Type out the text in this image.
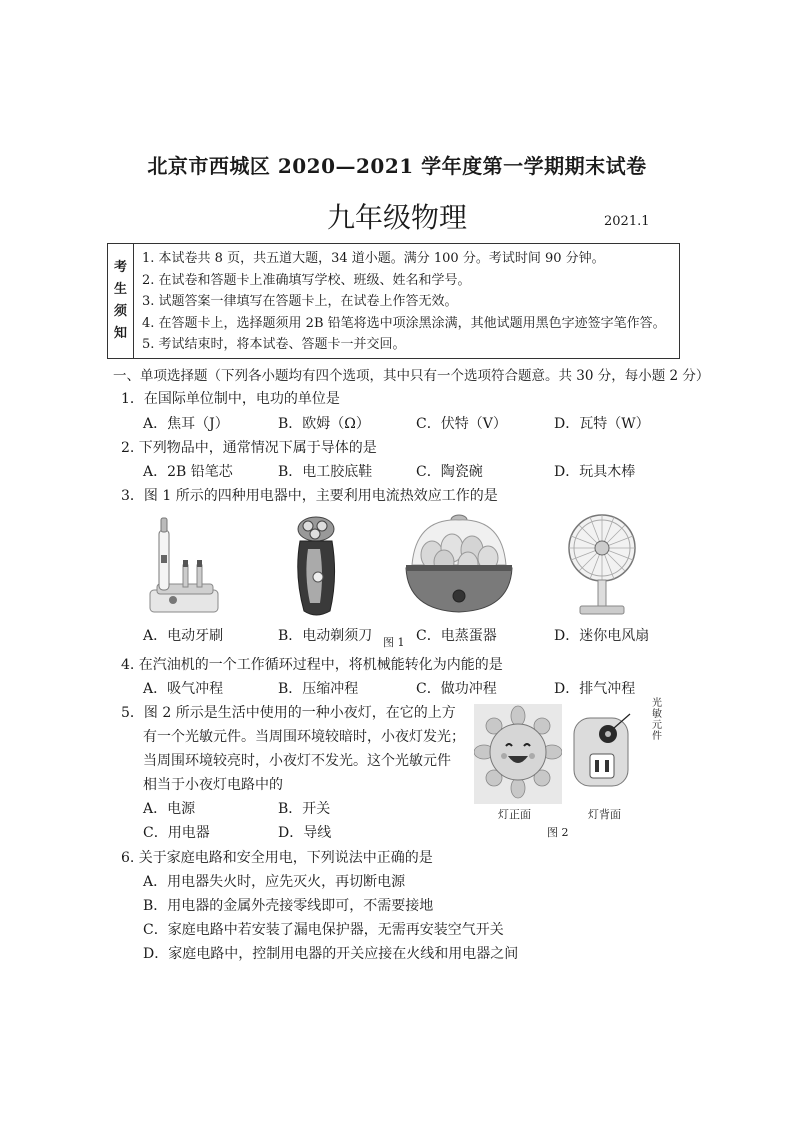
北京市西城区 2020—2021 学年度第一学期期末试卷
九年级物理	2021.1
考
生
须
知
1. 本试卷共 8 页，共五道大题，34 道小题。满分 100 分。考试时间 90 分钟。
2. 在试卷和答题卡上准确填写学校、班级、姓名和学号。
3. 试题答案一律填写在答题卡上，在试卷上作答无效。
4. 在答题卡上，选择题须用 2B 铅笔将选中项涂黑涂满，其他试题用黑色字迹签字笔作答。
5. 考试结束时，将本试卷、答题卡一并交回。
一、单项选择题（下列各小题均有四个选项，其中只有一个选项符合题意。共 30 分，每小题 2 分）
1．在国际单位制中，电功的单位是
A．焦耳（J）	B．欧姆（Ω）	C．伏特（V）	D．瓦特（W）
2. 下列物品中，通常情况下属于导体的是
A．2B 铅笔芯	B．电工胶底鞋	C．陶瓷碗	D．玩具木棒
3．图 1 所示的四种用电器中，主要利用电流热效应工作的是
A．电动牙刷	B．电动剃须刀 图 1 C．电蒸蛋器	D．迷你电风扇
4. 在汽油机的一个工作循环过程中，将机械能转化为内能的是
A．吸气冲程	B．压缩冲程	C．做功冲程	D．排气冲程
5．图 2 所示是生活中使用的一种小夜灯，在它的上方
有一个光敏元件。当周围环境较暗时，小夜灯发光；
当周围环境较亮时，小夜灯不发光。这个光敏元件
相当于小夜灯电路中的
A．电源	B．开关
C．用电器	D．导线
光敏元件
灯正面	灯背面
图 2
6. 关于家庭电路和安全用电，下列说法中正确的是
A．用电器失火时，应先灭火，再切断电源
B．用电器的金属外壳接零线即可，不需要接地
C．家庭电路中若安装了漏电保护器，无需再安装空气开关
D．家庭电路中，控制用电器的开关应接在火线和用电器之间
